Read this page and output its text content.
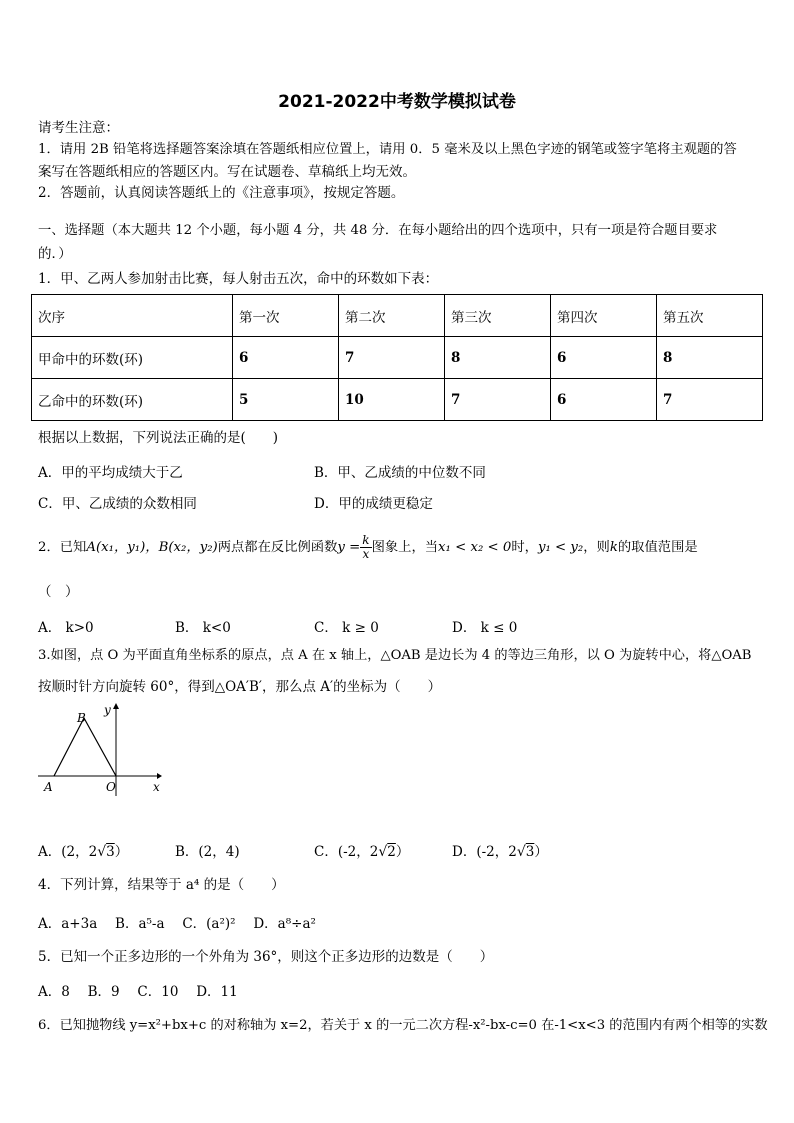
2021-2022中考数学模拟试卷
请考生注意：
1．请用 2B 铅笔将选择题答案涂填在答题纸相应位置上，请用 0．5 毫米及以上黑色字迹的钢笔或签字笔将主观题的答
案写在答题纸相应的答题区内。写在试题卷、草稿纸上均无效。
2．答题前，认真阅读答题纸上的《注意事项》，按规定答题。
一、选择题（本大题共 12 个小题，每小题 4 分，共 48 分．在每小题给出的四个选项中，只有一项是符合题目要求
的．）
1．甲、乙两人参加射击比赛，每人射击五次，命中的环数如下表：
次序	第一次	第二次	第三次	第四次	第五次
甲命中的环数(环)	6	7	8	6	8
乙命中的环数(环)	5	10	7	6	7
根据以上数据，下列说法正确的是(　　)
A．甲的平均成绩大于乙	B．甲、乙成绩的中位数不同
C．甲、乙成绩的众数相同	D．甲的成绩更稳定
2．已知A(x₁，y₁)，B(x₂，y₂)两点都在反比例函数$y = \frac{k}{x}$ 图象上，当x₁ < x₂ < 0时，y₁ < y₂，则k的取值范围是
（　）
A． k>0	B． k<0	C． k ≥ 0	D． k ≤ 0
3.如图，点 O 为平面直角坐标系的原点，点 A 在 x 轴上，△OAB 是边长为 4 的等边三角形，以 O 为旋转中心，将△OAB
按顺时针方向旋转 60°，得到△OA′B′，那么点 A′的坐标为（　　）
B
y
A	O	x
A．(2，2√3）	B．(2，4)	C．(-2，2√2）	D．(-2，2√3）
4．下列计算，结果等于 a⁴ 的是（　　）
A．a+3a　 B．a⁵-a　 C．(a²)²　 D．a⁸÷a²
5．已知一个正多边形的一个外角为 36°，则这个正多边形的边数是（　　）
A．8　 B．9　 C．10　 D．11
6．已知抛物线 y=x²+bx+c 的对称轴为 x=2，若关于 x 的一元二次方程-x²-bx-c=0 在-1<x<3 的范围内有两个相等的实数
